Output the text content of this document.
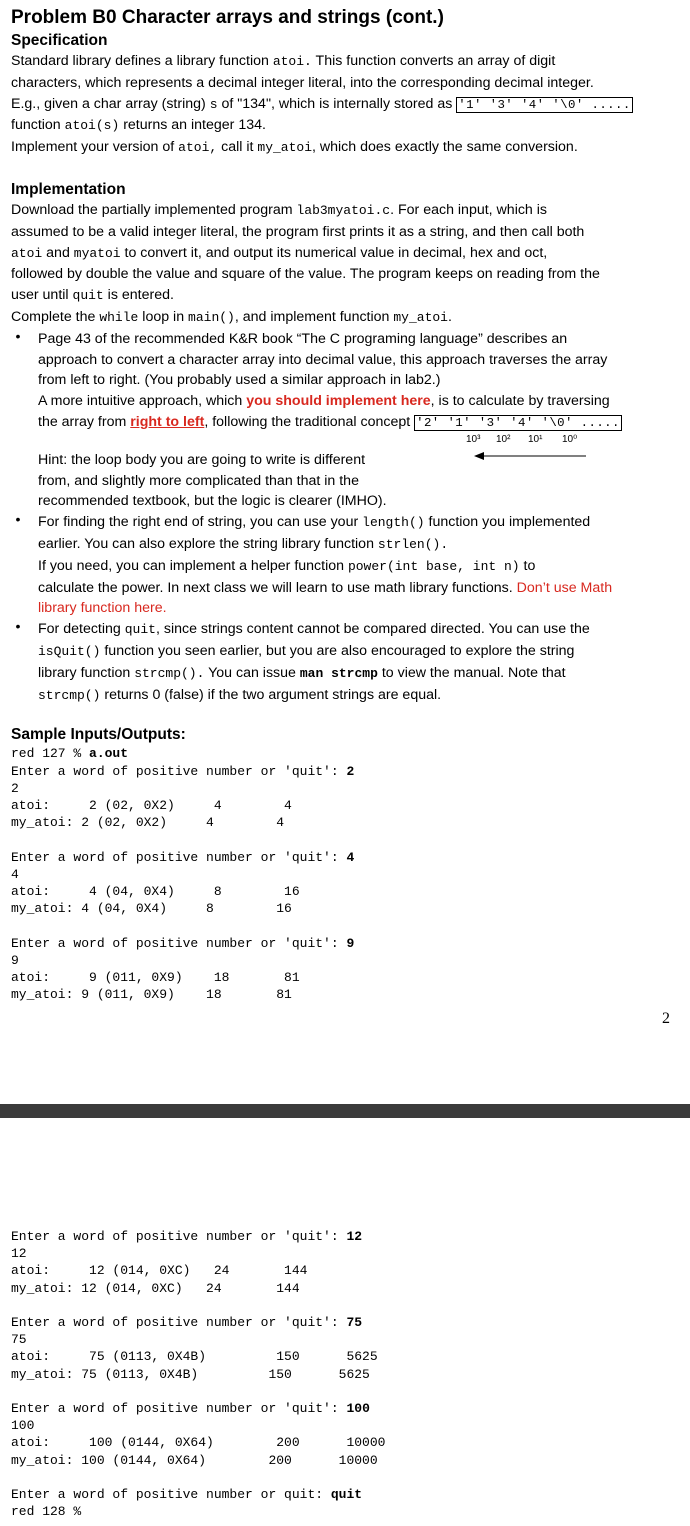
Problem B0 Character arrays and strings (cont.)

Specification

Standard library defines a library function atoi. This function converts an array of digit

characters, which represents a decimal integer literal, into the corresponding decimal integer.

E.g., given a char array (string) s of "134", which is internally stored as '1' '3' '4' '\0' .....

function atoi(s) returns an integer 134.

Implement your version of atoi, call it my_atoi, which does exactly the same conversion.

Implementation

Download the partially implemented program lab3myatoi.c. For each input, which is

assumed to be a valid integer literal, the program first prints it as a string, and then call both

atoi and myatoi to convert it, and output its numerical value in decimal, hex and oct,

followed by double the value and square of the value. The program keeps on reading from the

user until quit is entered.

Complete the while loop in main(), and implement function my_atoi.

•	Page 43 of the recommended K&R book “The C programing language” describes an

approach to convert a character array into decimal value, this approach traverses the array

from left to right. (You probably used a similar approach in lab2.)

A more intuitive approach, which you should implement here, is to calculate by traversing

the array from right to left, following the traditional concept '2' '1' '3' '4' '\0' .....

Hint: the loop body you are going to write is different

from, and slightly more complicated than that in the

recommended textbook, but the logic is clearer (IMHO).

•	For finding the right end of string, you can use your length() function you implemented

earlier. You can also explore the string library function strlen().

If you need, you can implement a helper function power(int base, int n) to

calculate the power. In next class we will learn to use math library functions. Don’t use Math

library function here.

•	For detecting quit, since strings content cannot be compared directed. You can use the

isQuit() function you seen earlier, but you are also encouraged to explore the string

library function strcmp(). You can issue man strcmp to view the manual. Note that

strcmp() returns 0 (false) if the two argument strings are equal.

Sample Inputs/Outputs:

red 127 % a.out
Enter a word of positive number or 'quit': 2
2
atoi:     2 (02, 0X2)     4        4
my_atoi: 2 (02, 0X2)     4        4

Enter a word of positive number or 'quit': 4
4
atoi:     4 (04, 0X4)     8        16
my_atoi: 4 (04, 0X4)     8        16

Enter a word of positive number or 'quit': 9
9
atoi:     9 (011, 0X9)    18       81
my_atoi: 9 (011, 0X9)    18       81
10³ 10² 10¹ 10⁰
2
Enter a word of positive number or 'quit': 12
12
atoi:     12 (014, 0XC)   24       144
my_atoi: 12 (014, 0XC)   24       144

Enter a word of positive number or 'quit': 75
75
atoi:     75 (0113, 0X4B)         150      5625
my_atoi: 75 (0113, 0X4B)         150      5625

Enter a word of positive number or 'quit': 100
100
atoi:     100 (0144, 0X64)        200      10000
my_atoi: 100 (0144, 0X64)        200      10000

Enter a word of positive number or quit: quit
red 128 %
